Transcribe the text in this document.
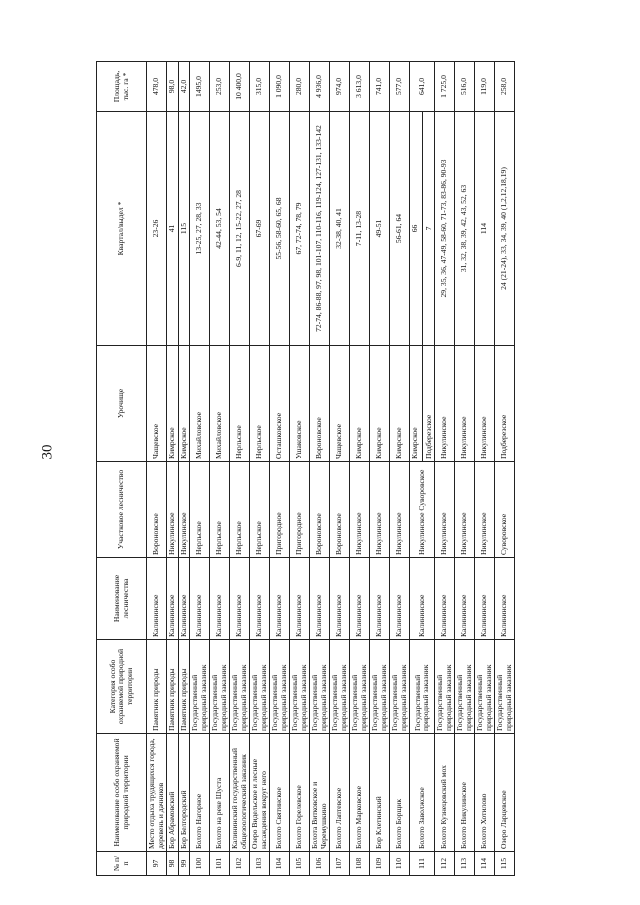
30
№ п/п	Наименование особо охраняемой природной территории	Категория особо охраняемой природной территории	Наименование лесничества	Участковое лесничество	Урочище	Квартал/выдел *	Площадь, тыс. га *
97	Место отдыха трудящихся города, деревень и дачников	Памятник природы	Калининское	Вороновское	Чащевское	23-26	478,0
98	Бор Абрамовский	Памятник природы	Калининское	Никулинское	Кимрское	41	98,0
99	Бор Белгородский	Памятник природы	Калининское	Никулинское	Кимрское	115	42,0
100	Болото Нагорное	Государственный природный заказник	Калининское	Нерльское	Михайловское	13-25, 27, 28, 33	1495,0
101	Болото на реке Шуста	Государственный природный заказник	Калининское	Нерльское	Михайловское	42-44, 53, 54	253,0
102	Калининский государственный общезоологический заказник	Государственный природный заказник	Калининское	Нерльское	Нерльское	6-9, 11, 12, 15-22, 27, 28	10 400,0
103	Озеро Видельское и лесные насаждения вокруг него	Государственный природный заказник	Калининское	Нерльское	Нерльское	67-69	315,0
104	Болото Святинское	Государственный природный заказник	Калининское	Пригородное	Осташковское	55-56, 58-60, 65, 68	1 090,0
105	Болото Горелевское	Государственный природный заказник	Калининское	Пригородное	Ушаковское	67, 72-74, 78, 79	280,0
106	Болота Витковское и Черемушкино	Государственный природный заказник	Калининское	Вороновское	Вороновское	72-74, 86-88, 97, 98, 101-107, 110-116, 119-124, 127-131, 133-142	4 936,0
107	Болото Лаптевское	Государственный природный заказник	Калининское	Вороновское	Чащевское	32-38, 40, 41	974,0
108	Болото Марковское	Государственный природный заказник	Калининское	Никулинское	Кимрское	7-11, 13-28	3 613,0
109	Бор Клетинский	Государственный природный заказник	Калининское	Никулинское	Кимрское	49-51	741,0
110	Болото Борщик	Государственный природный заказник	Калининское	Никулинское	Кимрское	56-61, 64	577,0
111	Болото Заволжское	Государственный природный заказник	Калининское	Никулинское Суворовское	Кимрское Подберезское	66 7	641,0
112	Болото Кузнецовский мох	Государственный природный заказник	Калининское	Никулинское	Никулинское	29, 35, 36, 47-49, 58-60, 71-73, 83-86, 90-93	1 725,0
113	Болото Никулинское	Государственный природный заказник	Калининское	Никулинское	Никулинское	31, 32, 38, 39, 42, 43, 52, 63	516,0
114	Болото Хотилово	Государственный природный заказник	Калининское	Никулинское	Никулинское	114	119,0
115	Озеро Ларцевское	Государственный природный заказник	Калининское	Суворовское	Подберезское	24 (21-24), 33, 34, 39, 40 (1,2,12,18,19)	258,0
